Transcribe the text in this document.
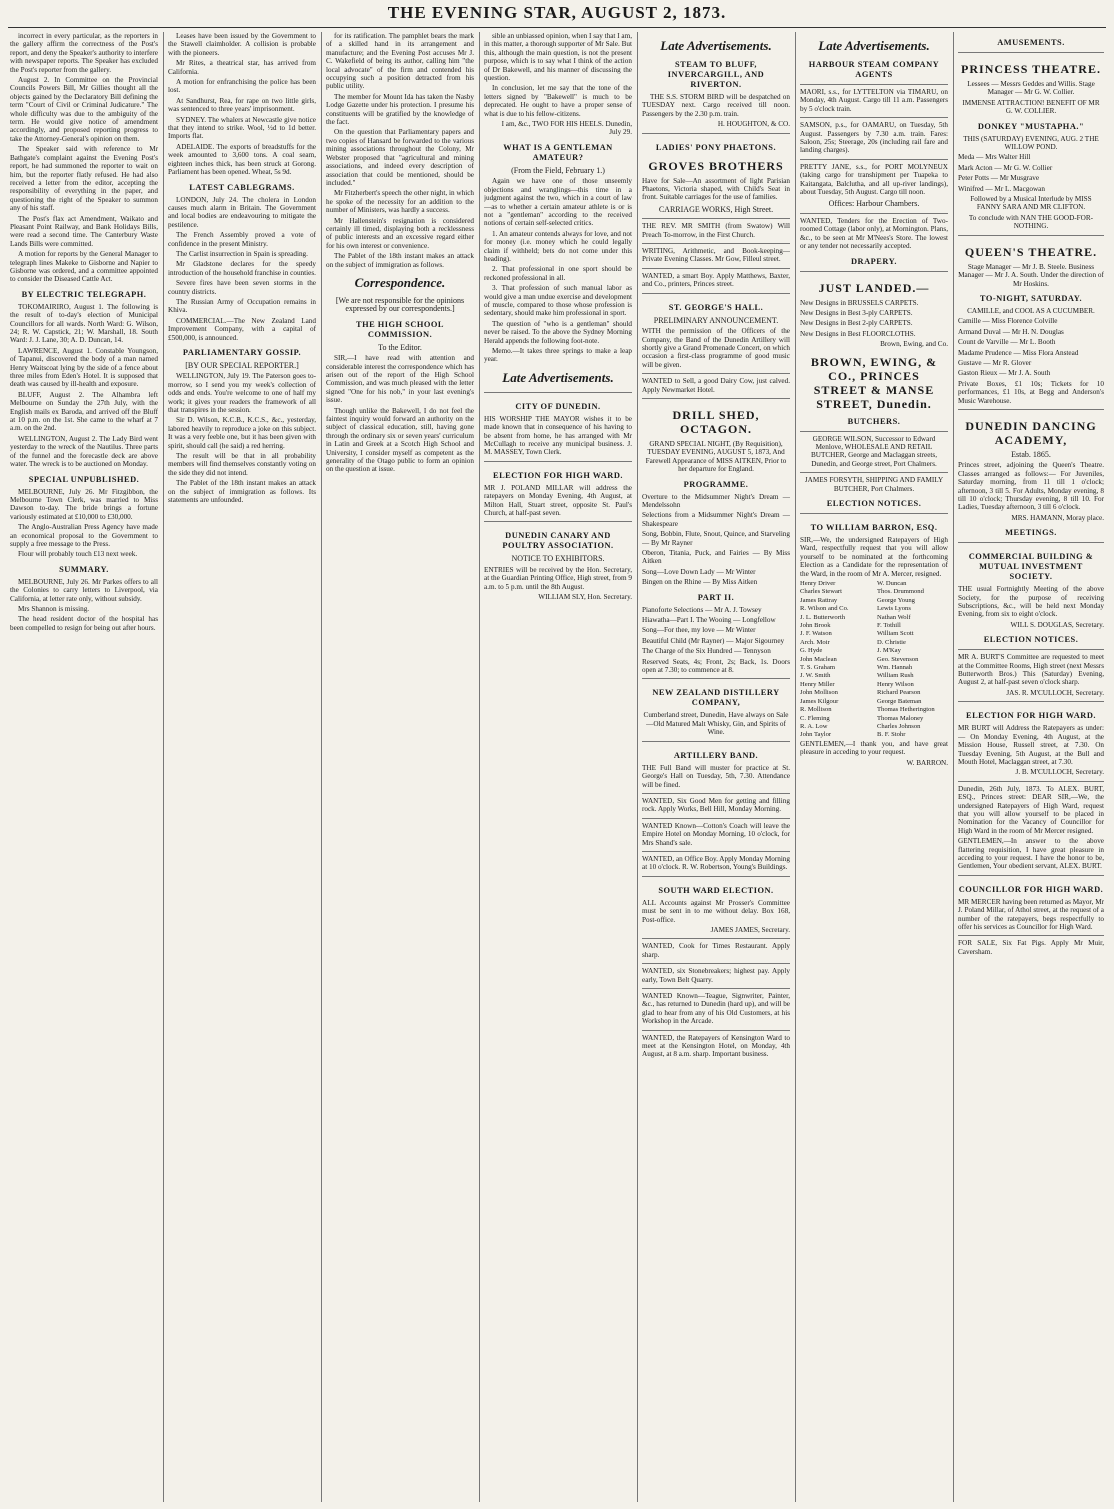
THE EVENING STAR, AUGUST 2, 1873.

incorrect in every particular, as the reporters in the gallery affirm the correctness of the Post's report, and deny the Speaker's authority to interfere with newspaper reports. The Speaker has excluded the Post's reporter from the gallery.

August 2. In Committee on the Provincial Councils Powers Bill, Mr Gillies thought all the objects gained by the Declaratory Bill defining the term "Court of Civil or Criminal Judicature." The whole difficulty was due to the ambiguity of the term. He would give notice of amendment accordingly, and proposed reporting progress to take the Attorney-General's opinion on them.

The Speaker said with reference to Mr Bathgate's complaint against the Evening Post's report, he had summoned the reporter to wait on him, but the reporter flatly refused. He had also received a letter from the editor, accepting the responsibility of everything in the paper, and questioning the right of the Speaker to summon any of his staff.

The Post's flax act Amendment, Waikato and Pleasant Point Railway, and Bank Holidays Bills, were read a second time. The Canterbury Waste Lands Bills were committed.

A motion for reports by the General Manager to telegraph lines Makeke to Gisborne and Napier to Gisborne was ordered, and a committee appointed to consider the Diseased Cattle Act.

BY ELECTRIC TELEGRAPH.

TOKOMAIRIRO, August 1. The following is the result of to-day's election of Municipal Councillors for all wards. North Ward: G. Wilson, 24; R. W. Capstick, 21; W. Marshall, 18. South Ward: J. J. Lane, 30; A. D. Duncan, 14.

LAWRENCE, August 1. Constable Youngson, of Tapanui, discovered the body of a man named Henry Waitscoat lying by the side of a fence about three miles from Eden's Hotel. It is supposed that death was caused by ill-health and exposure.

BLUFF, August 2. The Alhambra left Melbourne on Sunday the 27th July, with the English mails ex Baroda, and arrived off the Bluff at 10 p.m. on the 1st. She came to the wharf at 7 a.m. on the 2nd.

WELLINGTON, August 2. The Lady Bird went yesterday to the wreck of the Nautilus. Three parts of the funnel and the forecastle deck are above water. The wreck is to be auctioned on Monday.

SPECIAL UNPUBLISHED.

MELBOURNE, July 26. Mr Fitzgibbon, the Melbourne Town Clerk, was married to Miss Dawson to-day. The bride brings a fortune variously estimated at £10,000 to £30,000.

The Anglo-Australian Press Agency have made an economical proposal to the Government to supply a free message to the Press.

Flour will probably touch £13 next week.

SUMMARY.

MELBOURNE, July 26. Mr Parkes offers to all the Colonies to carry letters to Liverpool, via California, at letter rate only, without subsidy.

Mrs Shannon is missing.

The head resident doctor of the hospital has been compelled to resign for being out after hours.

Leases have been issued by the Government to the Stawell claimholder. A collision is probable with the pioneers.

Mr Rites, a theatrical star, has arrived from California.

A motion for enfranchising the police has been lost.

At Sandhurst, Rea, for rape on two little girls, was sentenced to three years' imprisonment.

SYDNEY. The whalers at Newcastle give notice that they intend to strike. Wool, ½d to 1d better. Imports flat.

ADELAIDE. The exports of breadstuffs for the week amounted to 3,600 tons. A coal seam, eighteen inches thick, has been struck at Gorong. Parliament has been opened. Wheat, 5s 9d.

LATEST CABLEGRAMS.

LONDON, July 24. The cholera in London causes much alarm in Britain. The Government and local bodies are endeavouring to mitigate the pestilence.

The French Assembly proved a vote of confidence in the present Ministry.

The Carlist insurrection in Spain is spreading.

Mr Gladstone declares for the speedy introduction of the household franchise in counties.

Severe fires have been seven storms in the country districts.

The Russian Army of Occupation remains in Khiva.

COMMERCIAL.—The New Zealand Land Improvement Company, with a capital of £500,000, is announced.

PARLIAMENTARY GOSSIP.
[BY OUR SPECIAL REPORTER.]

WELLINGTON, July 19. The Paterson goes to-morrow, so I send you my week's collection of odds and ends. You're welcome to one of half my work; it gives your readers the framework of all that transpires in the session.

Sir D. Wilson, K.C.B., K.C.S., &c., yesterday, labored heavily to reproduce a joke on this subject. It was a very feeble one, but it has been given with spirit, should call (he said) a red herring.

The result will be that in all probability members will find themselves constantly voting on the side they did not intend.

The Pablet of the 18th instant makes an attack on the subject of immigration as follows. Its statements are unfounded.

for its ratification. The pamphlet bears the mark of a skilled hand in its arrangement and manufacture; and the Evening Post accuses Mr J. C. Wakefield of being its author, calling him "the local advocate" of the firm and contended his occupying such a position detracted from his public utility.

The member for Mount Ida has taken the Nasby Lodge Gazette under his protection. I presume his constituents will be gratified by the knowledge of the fact.

On the question that Parliamentary papers and two copies of Hansard be forwarded to the various mining associations throughout the Colony, Mr Webster proposed that "agricultural and mining associations, and indeed every description of association that could be mentioned, should be included."

Mr Fitzherbert's speech the other night, in which he spoke of the necessity for an addition to the number of Ministers, was hardly a success.

Mr Hallenstein's resignation is considered certainly ill timed, displaying both a recklessness of public interests and an excessive regard either for his own interest or convenience.

The Pablet of the 18th instant makes an attack on the subject of immigration as follows.

Correspondence.
[We are not responsible for the opinions expressed by our correspondents.]
THE HIGH SCHOOL COMMISSION.
To the Editor.

SIR,—I have read with attention and considerable interest the correspondence which has arisen out of the report of the High School Commission, and was much pleased with the letter signed "One for his nob," in your last evening's issue.

Though unlike the Bakewell, I do not feel the faintest inquiry would forward an authority on the subject of classical education, still, having gone through the ordinary six or seven years' curriculum in Latin and Greek at a Scotch High School and University, I consider myself as competent as the generality of the Otago public to form an opinion on the question at issue.

sible an unbiassed opinion, when I say that I am, in this matter, a thorough supporter of Mr Sale. But this, although the main question, is not the present purpose, which is to say what I think of the action of Dr Bakewell, and his manner of discussing the question.

In conclusion, let me say that the tone of the letters signed by "Bakewell" is much to be deprecated. He ought to have a proper sense of what is due to his fellow-citizens.

I am, &c., TWO FOR HIS HEELS. Dunedin, July 29.

WHAT IS A GENTLEMAN AMATEUR?
(From the Field, February 1.)

Again we have one of those unseemly objections and wranglings—this time in a judgment against the two, which in a court of law—as to whether a certain amateur athlete is or is not a "gentleman" according to the received notions of certain self-selected critics.

1. An amateur contends always for love, and not for money (i.e. money which he could legally claim if withheld; bets do not come under this heading).

2. That professional in one sport should be reckoned professional in all.

3. That profession of such manual labor as would give a man undue exercise and development of muscle, compared to those whose profession is sedentary, should make him professional in sport.

The question of "who is a gentleman" should never be raised. To the above the Sydney Morning Herald appends the following foot-note.

Memo.—It takes three springs to make a leap year.

Late Advertisements.
CITY OF DUNEDIN.

HIS WORSHIP THE MAYOR wishes it to be made known that in consequence of his having to be absent from home, he has arranged with Mr McCullagh to receive any municipal business. J. M. MASSEY, Town Clerk.

ELECTION FOR HIGH WARD.

MR J. POLAND MILLAR will address the ratepayers on Monday Evening, 4th August, at Milton Hall, Stuart street, opposite St. Paul's Church, at half-past seven.

DUNEDIN CANARY AND POULTRY ASSOCIATION.
NOTICE TO EXHIBITORS.

ENTRIES will be received by the Hon. Secretary, at the Guardian Printing Office, High street, from 9 a.m. to 5 p.m. until the 8th August.

WILLIAM SLY, Hon. Secretary.

Late Advertisements.
STEAM TO BLUFF, INVERCARGILL, AND RIVERTON.

THE S.S. STORM BIRD will be despatched on TUESDAY next. Cargo received till noon. Passengers by the 2.30 p.m. train.

H. HOUGHTON, & CO.

LADIES' PONY PHAETONS.
GROVES BROTHERS

Have for Sale—An assortment of light Parisian Phaetons, Victoria shaped, with Child's Seat in front. Suitable carriages for the use of families.

CARRIAGE WORKS, High Street.

THE REV. MR SMITH (from Swatow) Will Preach To-morrow, in the First Church.

WRITING, Arithmetic, and Book-keeping—Private Evening Classes. Mr Gow, Filleul street.

WANTED, a smart Boy. Apply Matthews, Baxter, and Co., printers, Princes street.

ST. GEORGE'S HALL.
PRELIMINARY ANNOUNCEMENT.

WITH the permission of the Officers of the Company, the Band of the Dunedin Artillery will shortly give a Grand Promenade Concert, on which occasion a first-class programme of good music will be given.

WANTED to Sell, a good Dairy Cow, just calved. Apply Newmarket Hotel.

DRILL SHED, OCTAGON.

GRAND SPECIAL NIGHT, (By Requisition), TUESDAY EVENING, AUGUST 5, 1873, And Farewell Appearance of MISS AITKEN, Prior to her departure for England.

PROGRAMME.

Overture to the Midsummer Night's Dream — Mendelssohn

Selections from a Midsummer Night's Dream — Shakespeare

Song, Bobbin, Flute, Snout, Quince, and Starveling — By Mr Rayner

Oberon, Titania, Puck, and Fairies — By Miss Aitken

Song—Love Down Lady — Mr Winter

Bingen on the Rhine — By Miss Aitken

PART II.

Pianoforte Selections — Mr A. J. Towsey

Hiawatha—Part I. The Wooing — Longfellow

Song—For thee, my love — Mr Winter

Beautiful Child (Mr Rayner) — Major Sigourney

The Charge of the Six Hundred — Tennyson

Reserved Seats, 4s; Front, 2s; Back, 1s. Doors open at 7.30; to commence at 8.

NEW ZEALAND DISTILLERY COMPANY,

Cumberland street, Dunedin, Have always on Sale—Old Matured Malt Whisky, Gin, and Spirits of Wine.

ARTILLERY BAND.

THE Full Band will muster for practice at St. George's Hall on Tuesday, 5th, 7.30. Attendance will be fined.

WANTED, Six Good Men for getting and filling rock. Apply Works, Bell Hill, Monday Morning.

WANTED Known—Cotton's Coach will leave the Empire Hotel on Monday Morning, 10 o'clock, for Mrs Shand's sale.

WANTED, an Office Boy. Apply Monday Morning at 10 o'clock. R. W. Robertson, Young's Buildings.

SOUTH WARD ELECTION.

ALL Accounts against Mr Prosser's Committee must be sent in to me without delay. Box 168, Post-office.

JAMES JAMES, Secretary.

WANTED, Cook for Times Restaurant. Apply sharp.

WANTED, six Stonebreakers; highest pay. Apply early, Town Belt Quarry.

WANTED Known—Teague, Signwriter, Painter, &c., has returned to Dunedin (hard up), and will be glad to hear from any of his Old Customers, at his Workshop in the Arcade.

WANTED, the Ratepayers of Kensington Ward to meet at the Kensington Hotel, on Monday, 4th August, at 8 a.m. sharp. Important business.

Late Advertisements.
HARBOUR STEAM COMPANY AGENTS

MAORI, s.s., for LYTTELTON via TIMARU, on Monday, 4th August. Cargo till 11 a.m. Passengers by 5 o'clock train.

SAMSON, p.s., for OAMARU, on Tuesday, 5th August. Passengers by 7.30 a.m. train. Fares: Saloon, 25s; Steerage, 20s (including rail fare and landing charges).

PRETTY JANE, s.s., for PORT MOLYNEUX (taking cargo for transhipment per Tuapeka to Kaitangata, Balclutha, and all up-river landings), about Tuesday, 5th August. Cargo till noon.

Offices: Harbour Chambers.

WANTED, Tenders for the Erection of Two-roomed Cottage (labor only), at Mornington. Plans, &c., to be seen at Mr M'Nees's Store. The lowest or any tender not necessarily accepted.

DRAPERY.
JUST LANDED.—

New Designs in BRUSSELS CARPETS.

New Designs in Best 3-ply CARPETS.

New Designs in Best 2-ply CARPETS.

New Designs in Best FLOORCLOTHS.

Brown, Ewing, and Co.

BROWN, EWING, & CO., PRINCES STREET & MANSE STREET, Dunedin.
BUTCHERS.

GEORGE WILSON, Successor to Edward Menlove, WHOLESALE AND RETAIL BUTCHER, George and Maclaggan streets, Dunedin, and George street, Port Chalmers.

JAMES FORSYTH, SHIPPING AND FAMILY BUTCHER, Port Chalmers.

ELECTION NOTICES.
TO WILLIAM BARRON, ESQ.

SIR,—We, the undersigned Ratepayers of High Ward, respectfully request that you will allow yourself to be nominated at the forthcoming Election as a Candidate for the representation of the Ward, in the room of Mr A. Mercer, resigned.

Henry Driver
Charles Stewart
James Rattray
R. Wilson and Co.
J. L. Butterworth
John Brook
J. F. Watson
Arch. Moir
G. Hyde
John Maclean
T. S. Graham
J. W. Smith
Henry Miller
John Mollison
James Kilgour
R. Mollison
C. Fleming
R. A. Low
John Taylor
W. Duncan
Thos. Drummond
George Young
Lewis Lyons
Nathan Wolf
F. Tothill
William Scott
D. Christie
J. M'Kay
Geo. Stevenson
Wm. Hannah
William Rush
Henry Wilson
Richard Pearson
George Bateman
Thomas Hetherington
Thomas Maloney
Charles Johnson
B. F. Stohr

GENTLEMEN,—I thank you, and have great pleasure in acceding to your request.

W. BARRON.

AMUSEMENTS.
PRINCESS THEATRE.

Lessees — Messrs Geddes and Willis. Stage Manager — Mr G. W. Collier.

IMMENSE ATTRACTION! BENEFIT OF MR G. W. COLLIER.

DONKEY "MUSTAPHA."

THIS (SATURDAY) EVENING, AUG. 2 THE WILLOW POND.

Meda — Mrs Walter Hill

Mark Acton — Mr G. W. Collier

Peter Potts — Mr Musgrave

Winifred — Mr L. Macgowan

Followed by a Musical Interlude by MISS FANNY SARA AND MR CLIFTON.

To conclude with NAN THE GOOD-FOR-NOTHING.

QUEEN'S THEATRE.

Stage Manager — Mr J. B. Steele. Business Manager — Mr J. A. South. Under the direction of Mr Hoskins.

TO-NIGHT, SATURDAY.

CAMILLE, and COOL AS A CUCUMBER.

Camille — Miss Florence Colville

Armand Duval — Mr H. N. Douglas

Count de Varville — Mr L. Booth

Madame Prudence — Miss Flora Anstead

Gustave — Mr R. Glover

Gaston Rieux — Mr J. A. South

Private Boxes, £1 10s; Tickets for 10 performances, £1 10s, at Begg and Anderson's Music Warehouse.

DUNEDIN DANCING ACADEMY,
Estab. 1865.

Princes street, adjoining the Queen's Theatre. Classes arranged as follows:— For Juveniles, Saturday morning, from 11 till 1 o'clock; afternoon, 3 till 5. For Adults, Monday evening, 8 till 10 o'clock; Thursday evening, 8 till 10. For Ladies, Tuesday afternoon, 3 till 6 o'clock.

MRS. HAMANN, Moray place.

MEETINGS.
COMMERCIAL BUILDING & MUTUAL INVESTMENT SOCIETY.

THE usual Fortnightly Meeting of the above Society, for the purpose of receiving Subscriptions, &c., will be held next Monday Evening, from six to eight o'clock.

WILL S. DOUGLAS, Secretary.

ELECTION NOTICES.

MR A. BURT'S Committee are requested to meet at the Committee Rooms, High street (next Messrs Butterworth Bros.) This (Saturday) Evening, August 2, at half-past seven o'clock sharp.

JAS. R. M'CULLOCH, Secretary.

ELECTION FOR HIGH WARD.

MR BURT will Address the Ratepayers as under:— On Monday Evening, 4th August, at the Mission House, Russell street, at 7.30. On Tuesday Evening, 5th August, at the Bull and Mouth Hotel, Maclaggan street, at 7.30.

J. B. M'CULLOCH, Secretary.

Dunedin, 26th July, 1873. To ALEX. BURT, ESQ., Princes street: DEAR SIR,—We, the undersigned Ratepayers of High Ward, request that you will allow yourself to be placed in Nomination for the Vacancy of Councillor for High Ward in the room of Mr Mercer resigned.

GENTLEMEN,—In answer to the above flattering requisition, I have great pleasure in acceding to your request. I have the honor to be, Gentlemen, Your obedient servant, ALEX. BURT.

COUNCILLOR FOR HIGH WARD.

MR MERCER having been returned as Mayor, Mr J. Poland Millar, of Athol street, at the request of a number of the ratepayers, begs respectfully to offer his services as Councillor for High Ward.

FOR SALE, Six Fat Pigs. Apply Mr Muir, Caversham.
